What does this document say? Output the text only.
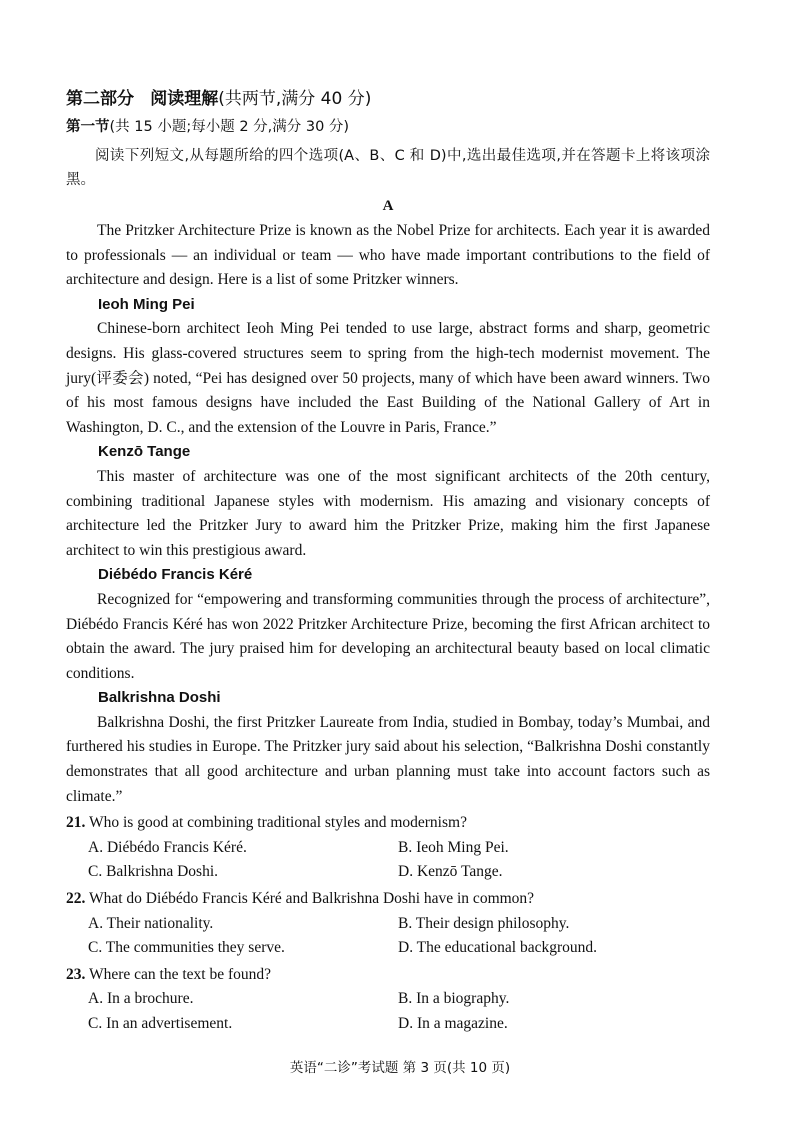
第二部分 阅读理解(共两节,满分 40 分)
第一节(共 15 小题;每小题 2 分,满分 30 分)

阅读下列短文,从每题所给的四个选项(A、B、C 和 D)中,选出最佳选项,并在答题卡上将该项涂黑。

A

The Pritzker Architecture Prize is known as the Nobel Prize for architects. Each year it is awarded to professionals — an individual or team — who have made important contributions to the field of architecture and design. Here is a list of some Pritzker winners.

Ieoh Ming Pei

Chinese-born architect Ieoh Ming Pei tended to use large, abstract forms and sharp, geometric designs. His glass-covered structures seem to spring from the high-tech modernist movement. The jury(评委会) noted, “Pei has designed over 50 projects, many of which have been award winners. Two of his most famous designs have included the East Building of the National Gallery of Art in Washington, D. C., and the extension of the Louvre in Paris, France.”

Kenzō Tange

This master of architecture was one of the most significant architects of the 20th century, combining traditional Japanese styles with modernism. His amazing and visionary concepts of architecture led the Pritzker Jury to award him the Pritzker Prize, making him the first Japanese architect to win this prestigious award.

Diébédo Francis Kéré

Recognized for “empowering and transforming communities through the process of architecture”, Diébédo Francis Kéré has won 2022 Pritzker Architecture Prize, becoming the first African architect to obtain the award. The jury praised him for developing an architectural beauty based on local climatic conditions.

Balkrishna Doshi

Balkrishna Doshi, the first Pritzker Laureate from India, studied in Bombay, today’s Mumbai, and furthered his studies in Europe. The Pritzker jury said about his selection, “Balkrishna Doshi constantly demonstrates that all good architecture and urban planning must take into account factors such as climate.”

21. Who is good at combining traditional styles and modernism?

A. Diébédo Francis Kéré.	B. Ieoh Ming Pei.
C. Balkrishna Doshi.	D. Kenzō Tange.

22. What do Diébédo Francis Kéré and Balkrishna Doshi have in common?

A. Their nationality.	B. Their design philosophy.
C. The communities they serve.	D. The educational background.

23. Where can the text be found?

A. In a brochure.	B. In a biography.
C. In an advertisement.	D. In a magazine.
英语“二诊”考试题 第 3 页(共 10 页)
